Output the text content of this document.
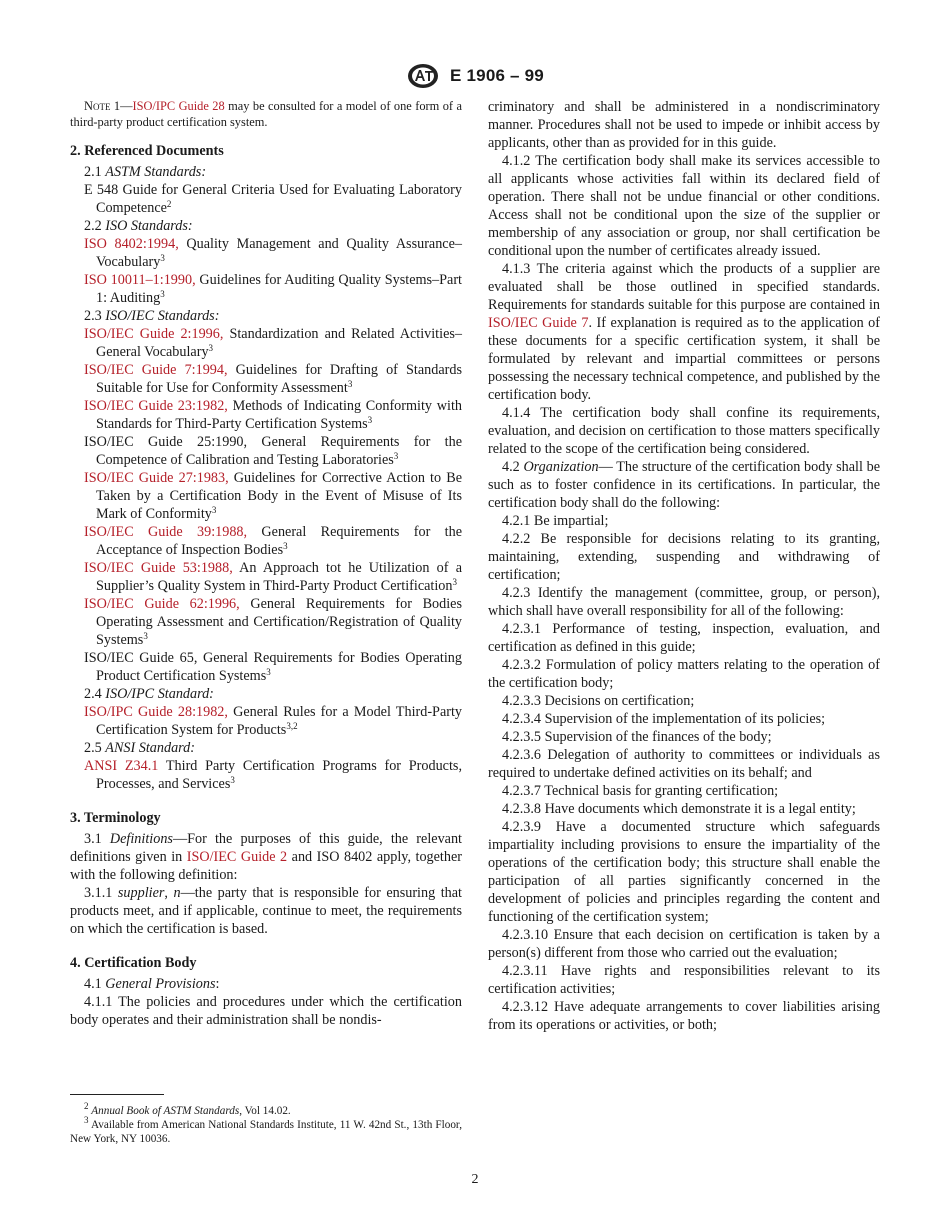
E 1906 – 99

Note 1—ISO/IPC Guide 28 may be consulted for a model of one form of a third-party product certification system.

2. Referenced Documents

2.1 ASTM Standards:

E 548 Guide for General Criteria Used for Evaluating Laboratory Competence$^2$

2.2 ISO Standards:

ISO 8402:1994, Quality Management and Quality Assurance–Vocabulary$^3$

ISO 10011–1:1990, Guidelines for Auditing Quality Systems–Part 1: Auditing$^3$

2.3 ISO/IEC Standards:

ISO/IEC Guide 2:1996, Standardization and Related Activities–General Vocabulary$^3$

ISO/IEC Guide 7:1994, Guidelines for Drafting of Standards Suitable for Use for Conformity Assessment$^3$

ISO/IEC Guide 23:1982, Methods of Indicating Conformity with Standards for Third-Party Certification Systems$^3$

ISO/IEC Guide 25:1990, General Requirements for the Competence of Calibration and Testing Laboratories$^3$

ISO/IEC Guide 27:1983, Guidelines for Corrective Action to Be Taken by a Certification Body in the Event of Misuse of Its Mark of Conformity$^3$

ISO/IEC Guide 39:1988, General Requirements for the Acceptance of Inspection Bodies$^3$

ISO/IEC Guide 53:1988, An Approach tot he Utilization of a Supplier’s Quality System in Third-Party Product Certification$^3$

ISO/IEC Guide 62:1996, General Requirements for Bodies Operating Assessment and Certification/Registration of Quality Systems$^3$

ISO/IEC Guide 65, General Requirements for Bodies Operating Product Certification Systems$^3$

2.4 ISO/IPC Standard:

ISO/IPC Guide 28:1982, General Rules for a Model Third-Party Certification System for Products$^{3,2}$

2.5 ANSI Standard:

ANSI Z34.1 Third Party Certification Programs for Products, Processes, and Services$^3$

3. Terminology

3.1 Definitions—For the purposes of this guide, the relevant definitions given in ISO/IEC Guide 2 and ISO 8402 apply, together with the following definition:

3.1.1 supplier, n—the party that is responsible for ensuring that products meet, and if applicable, continue to meet, the requirements on which the certification is based.

4. Certification Body

4.1 General Provisions:

4.1.1 The policies and procedures under which the certification body operates and their administration shall be nondis-

criminatory and shall be administered in a nondiscriminatory manner. Procedures shall not be used to impede or inhibit access by applicants, other than as provided for in this guide.

4.1.2 The certification body shall make its services accessible to all applicants whose activities fall within its declared field of operation. There shall not be undue financial or other conditions. Access shall not be conditional upon the size of the supplier or membership of any association or group, nor shall certification be conditional upon the number of certificates already issued.

4.1.3 The criteria against which the products of a supplier are evaluated shall be those outlined in specified standards. Requirements for standards suitable for this purpose are contained in ISO/IEC Guide 7. If explanation is required as to the application of these documents for a specific certification system, it shall be formulated by relevant and impartial committees or persons possessing the necessary technical competence, and published by the certification body.

4.1.4 The certification body shall confine its requirements, evaluation, and decision on certification to those matters specifically related to the scope of the certification being considered.

4.2 Organization— The structure of the certification body shall be such as to foster confidence in its certifications. In particular, the certification body shall do the following:

4.2.1 Be impartial;

4.2.2 Be responsible for decisions relating to its granting, maintaining, extending, suspending and withdrawing of certification;

4.2.3 Identify the management (committee, group, or person), which shall have overall responsibility for all of the following:

4.2.3.1 Performance of testing, inspection, evaluation, and certification as defined in this guide;

4.2.3.2 Formulation of policy matters relating to the operation of the certification body;

4.2.3.3 Decisions on certification;

4.2.3.4 Supervision of the implementation of its policies;

4.2.3.5 Supervision of the finances of the body;

4.2.3.6 Delegation of authority to committees or individuals as required to undertake defined activities on its behalf; and

4.2.3.7 Technical basis for granting certification;

4.2.3.8 Have documents which demonstrate it is a legal entity;

4.2.3.9 Have a documented structure which safeguards impartiality including provisions to ensure the impartiality of the operations of the certification body; this structure shall enable the participation of all parties significantly concerned in the development of policies and principles regarding the content and functioning of the certification system;

4.2.3.10 Ensure that each decision on certification is taken by a person(s) different from those who carried out the evaluation;

4.2.3.11 Have rights and responsibilities relevant to its certification activities;

4.2.3.12 Have adequate arrangements to cover liabilities arising from its operations or activities, or both;

$^2$ Annual Book of ASTM Standards, Vol 14.02.

$^3$ Available from American National Standards Institute, 11 W. 42nd St., 13th Floor, New York, NY 10036.

2
